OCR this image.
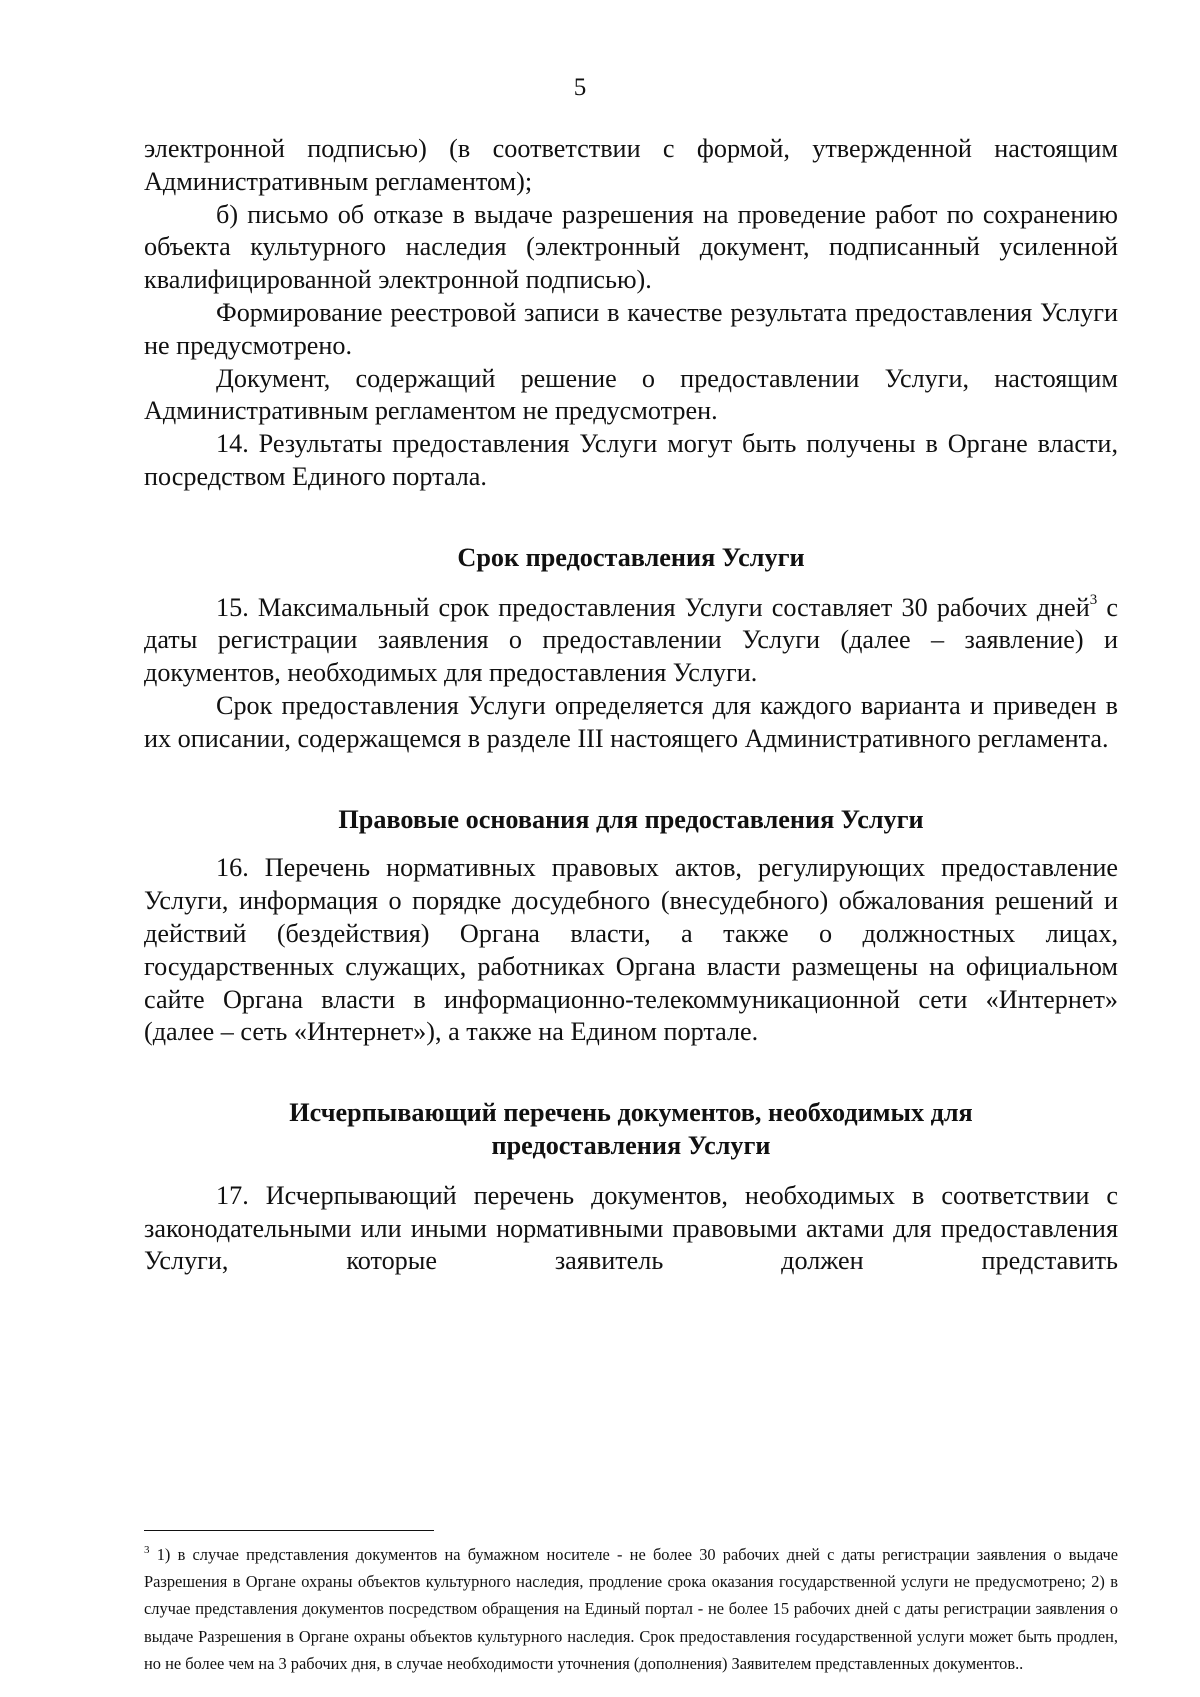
5

электронной подписью) (в соответствии с формой, утвержденной настоящим Административным регламентом);

б) письмо об отказе в выдаче разрешения на проведение работ по сохранению объекта культурного наследия (электронный документ, подписанный усиленной квалифицированной электронной подписью).

Формирование реестровой записи в качестве результата предоставления Услуги не предусмотрено.

Документ, содержащий решение о предоставлении Услуги, настоящим Административным регламентом не предусмотрен.

14. Результаты предоставления Услуги могут быть получены в Органе власти, посредством Единого портала.

Срок предоставления Услуги

15. Максимальный срок предоставления Услуги составляет 30 рабочих дней$^3$ с даты регистрации заявления о предоставлении Услуги (далее – заявление) и документов, необходимых для предоставления Услуги.

Срок предоставления Услуги определяется для каждого варианта и приведен в их описании, содержащемся в разделе III настоящего Административного регламента.

Правовые основания для предоставления Услуги

16. Перечень нормативных правовых актов, регулирующих предоставление Услуги, информация о порядке досудебного (внесудебного) обжалования решений и действий (бездействия) Органа власти, а также о должностных лицах, государственных служащих, работниках Органа власти размещены на официальном сайте Органа власти в информационно-телекоммуникационной сети «Интернет» (далее – сеть «Интернет»), а также на Едином портале.

Исчерпывающий перечень документов, необходимых для
предоставления Услуги

17. Исчерпывающий перечень документов, необходимых в соответствии с законодательными или иными нормативными правовыми актами для предоставления Услуги, которые заявитель должен представить

$^3$ 1) в случае представления документов на бумажном носителе - не более 30 рабочих дней с даты регистрации заявления о выдаче Разрешения в Органе охраны объектов культурного наследия, продление срока оказания государственной услуги не предусмотрено; 2) в случае представления документов посредством обращения на Единый портал - не более 15 рабочих дней с даты регистрации заявления о выдаче Разрешения в Органе охраны объектов культурного наследия. Срок предоставления государственной услуги может быть продлен, но не более чем на 3 рабочих дня, в случае необходимости уточнения (дополнения) Заявителем представленных документов..
